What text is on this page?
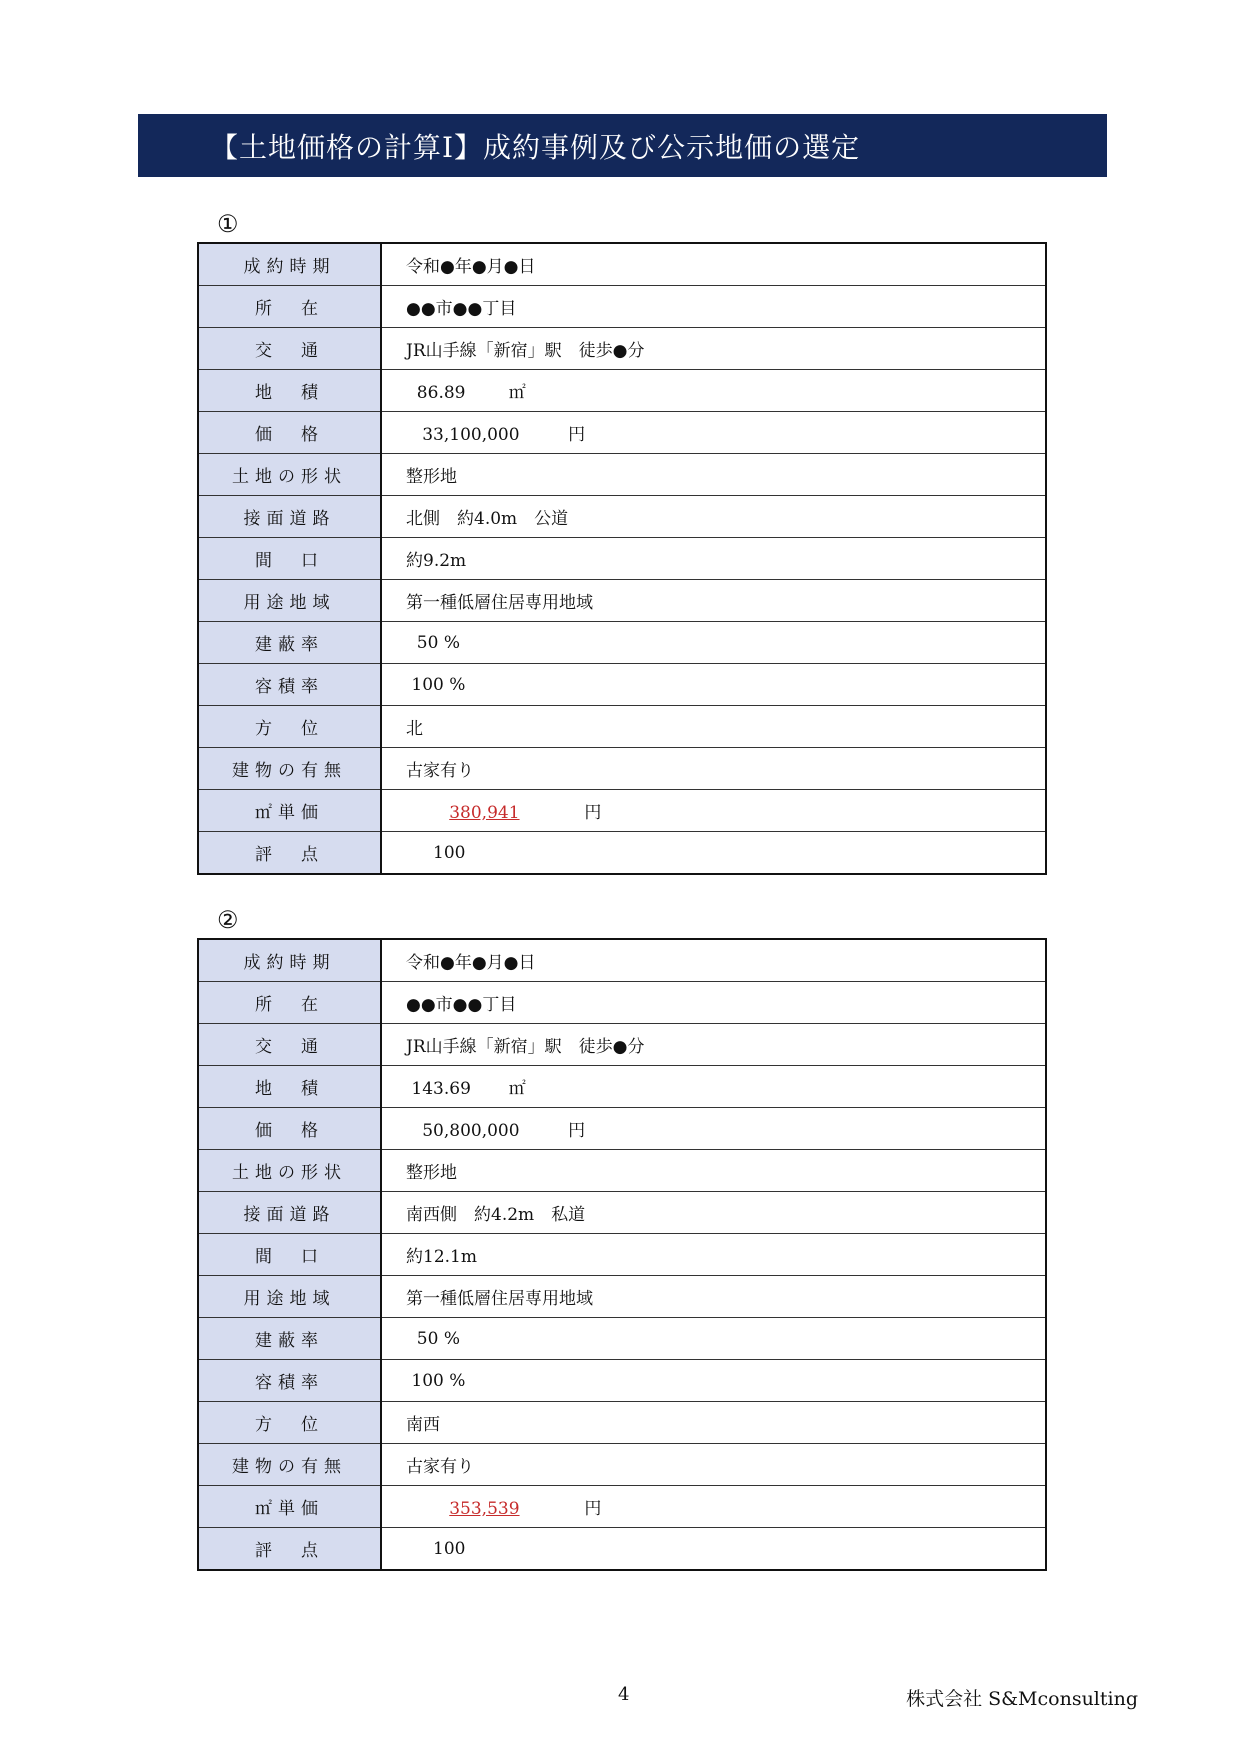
【土地価格の計算Ⅰ】成約事例及び公示地価の選定
①
成約時期	令和●年●月●日
所　在	●●市●●丁目
交　通	JR山手線「新宿」駅　徒歩●分
地　積	86.89        ㎡
価　格	33,100,000         円
土地の形状	整形地
接面道路	北側　約4.0m　公道
間　口	約9.2m
用途地域	第一種低層住居専用地域
建蔽率	50 %
容積率	100 %
方　位	北
建物の有無	古家有り
㎡単価	380,941 円
評　点	100
②
成約時期	令和●年●月●日
所　在	●●市●●丁目
交　通	JR山手線「新宿」駅　徒歩●分
地　積	143.69       ㎡
価　格	50,800,000         円
土地の形状	整形地
接面道路	南西側　約4.2m　私道
間　口	約12.1m
用途地域	第一種低層住居専用地域
建蔽率	50 %
容積率	100 %
方　位	南西
建物の有無	古家有り
㎡単価	353,539 円
評　点	100
4	株式会社 S&Mconsulting
